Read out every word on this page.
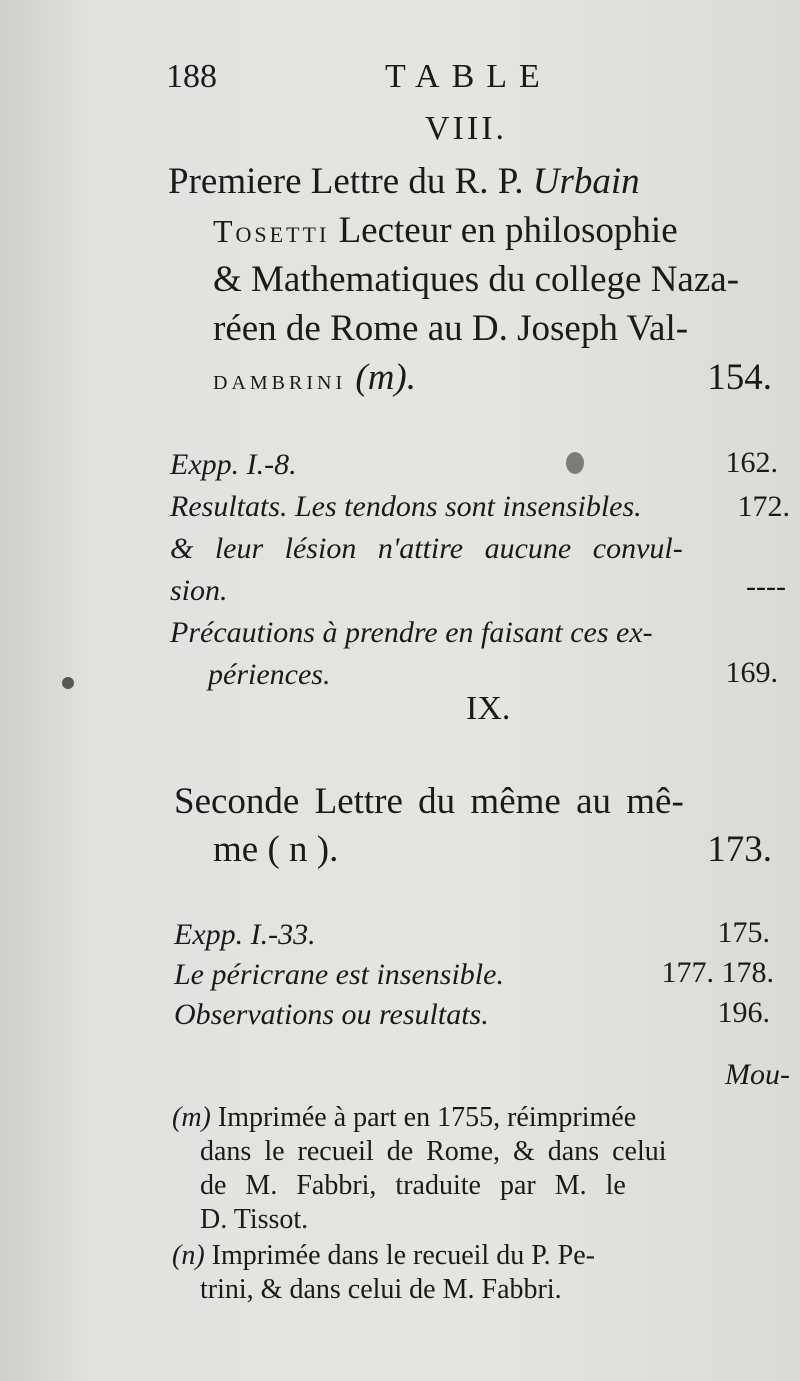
188	TABLE
VIII.
Premiere Lettre du R. P. Urbain
Tosetti Lecteur en philosophie
& Mathematiques du college Naza-
réen de Rome au D. Joseph Val-
dambrini (m).	154.
Expp. I.-8.	162.
Resultats. Les tendons sont insensibles.	172.
& leur lésion n'attire aucune convul-
sion.	----
Précautions à prendre en faisant ces ex-
périences.	169.
IX.
Seconde Lettre du même au mê-
me ( n ).	173.
Expp. I.-33.	175.
Le péricrane est insensible.	177. 178.
Observations ou resultats.	196.
Mou-
(m) Imprimée à part en 1755, réimprimée
dans le recueil de Rome, & dans celui
de M. Fabbri, traduite par M. le
D. Tissot.
(n) Imprimée dans le recueil du P. Pe-
trini, & dans celui de M. Fabbri.
